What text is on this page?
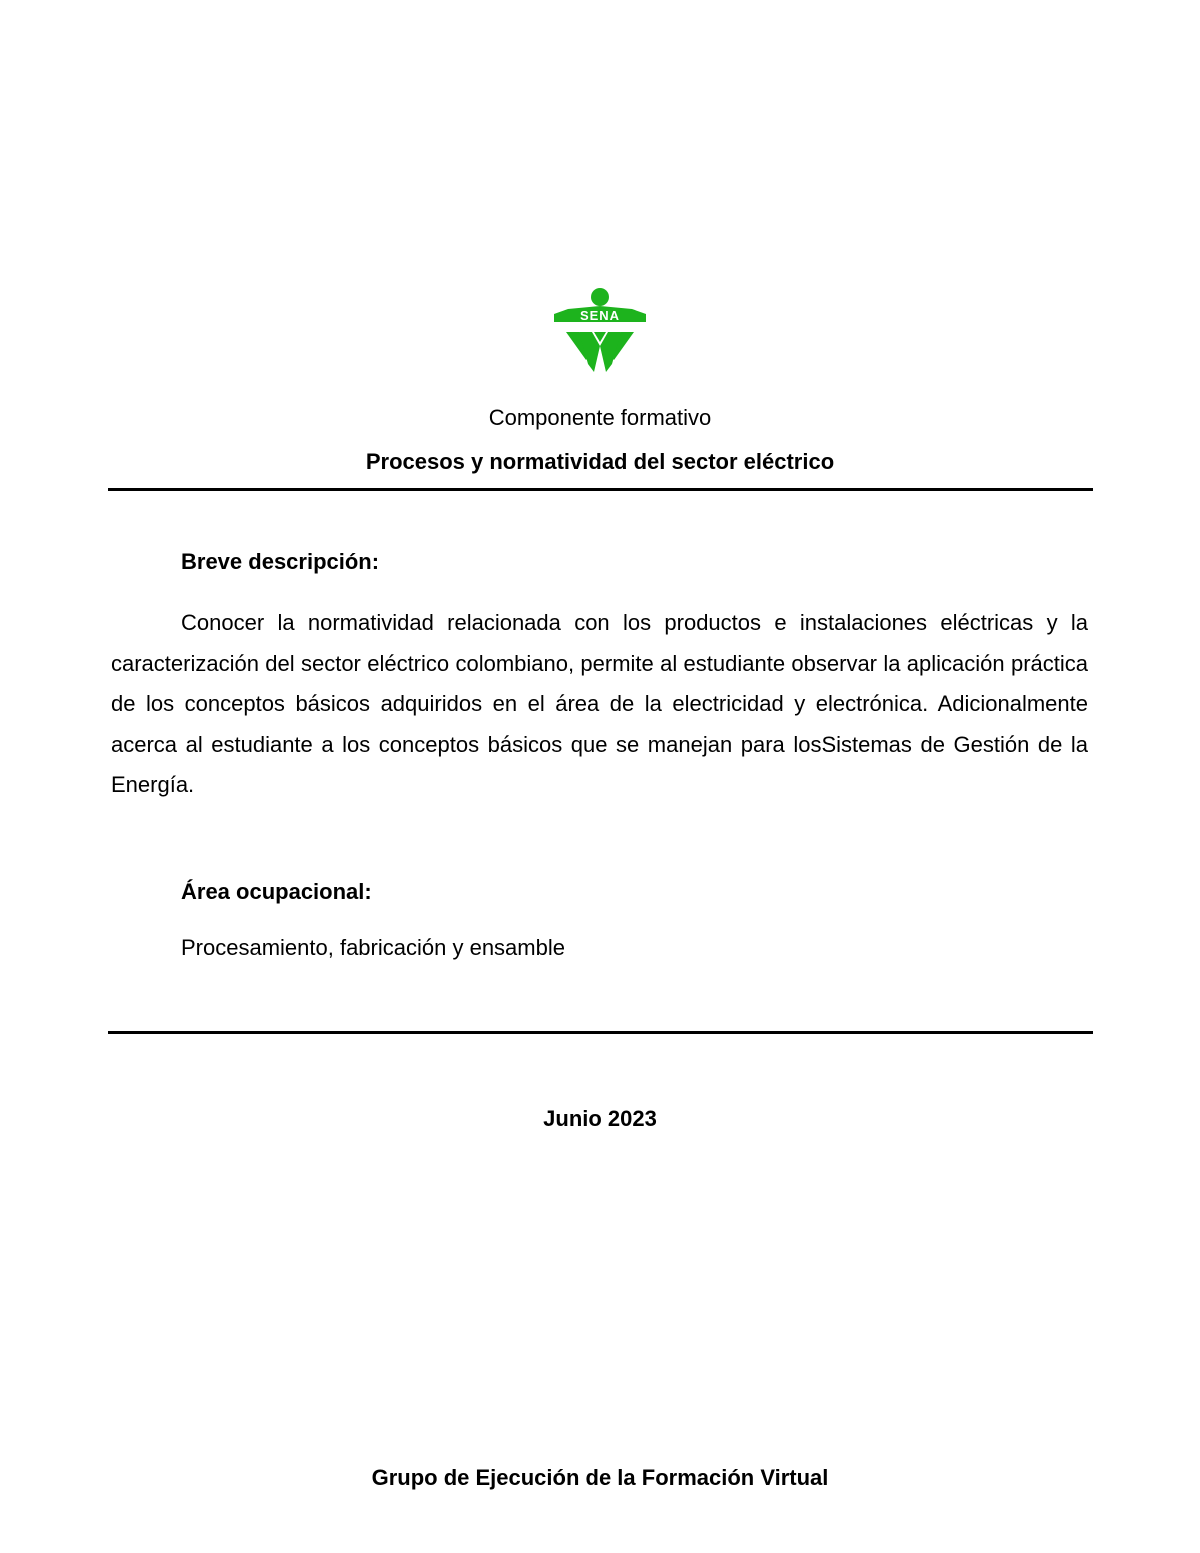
SENA
Componente formativo
Procesos y normatividad del sector eléctrico
Breve descripción:

Conocer la normatividad relacionada con los productos e instalaciones eléctricas y la caracterización del sector eléctrico colombiano, permite al estudiante observar la aplicación práctica de los conceptos básicos adquiridos en el área de la electricidad y electrónica. Adicionalmente acerca al estudiante a los conceptos básicos que se manejan para losSistemas de Gestión de la Energía.

Área ocupacional:
Procesamiento, fabricación y ensamble
Junio 2023
Grupo de Ejecución de la Formación Virtual
